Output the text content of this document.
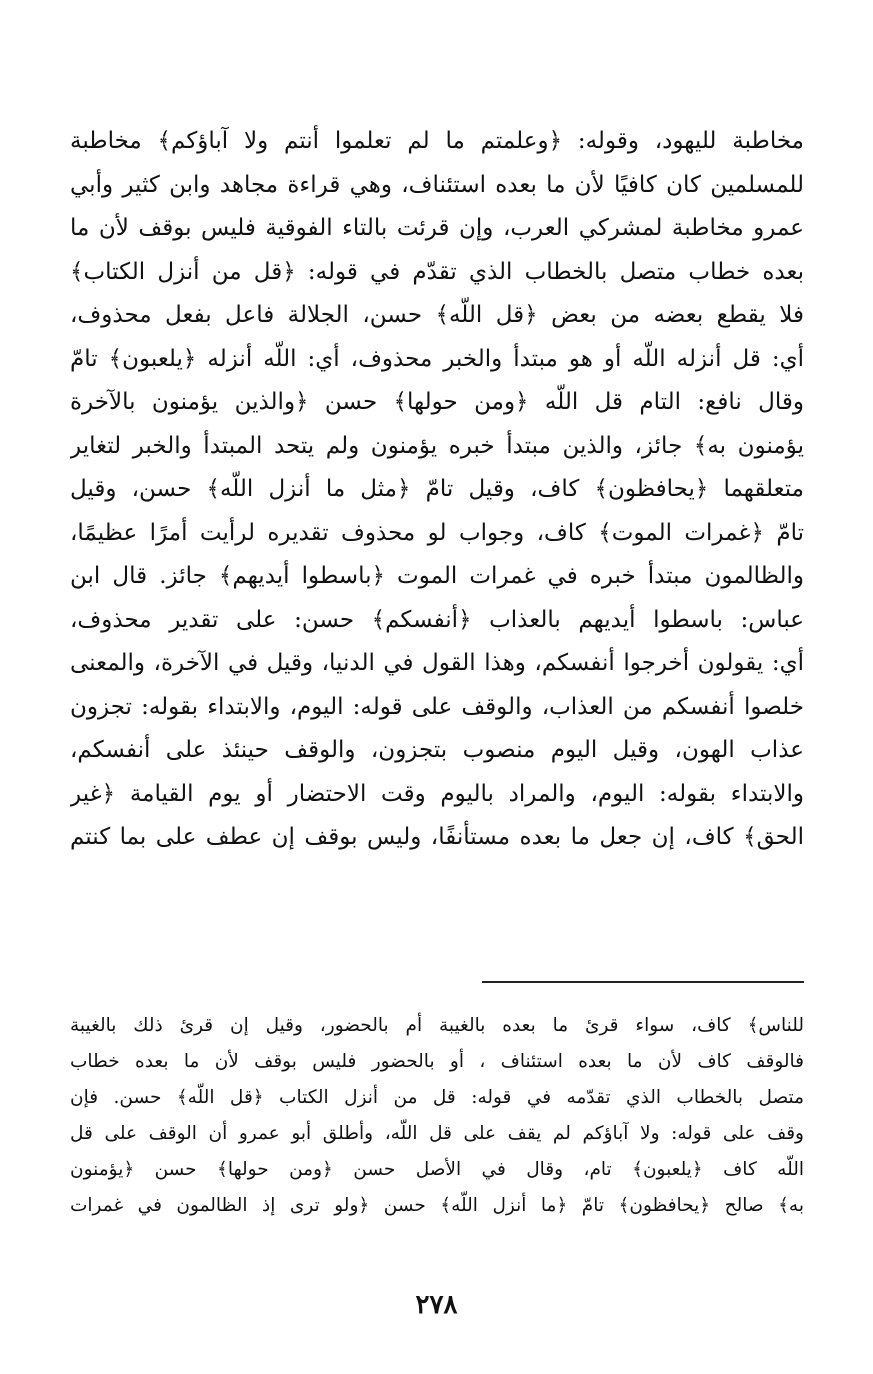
مخاطبة لليهود، وقوله: ﴿وعلمتم ما لم تعلموا أنتم ولا آباؤكم﴾ مخاطبة
للمسلمين كان كافيًا لأن ما بعده استئناف، وهي قراءة مجاهد وابن كثير وأبي
عمرو مخاطبة لمشركي العرب، وإن قرئت بالتاء الفوقية فليس بوقف لأن ما
بعده خطاب متصل بالخطاب الذي تقدّم في قوله: ﴿قل من أنزل الكتاب﴾
فلا يقطع بعضه من بعض ﴿قل اللّه﴾ حسن، الجلالة فاعل بفعل محذوف،
أي: قل أنزله اللّه أو هو مبتدأ والخبر محذوف، أي: اللّه أنزله ﴿يلعبون﴾ تامّ
وقال نافع: التام قل اللّه ﴿ومن حولها﴾ حسن ﴿والذين يؤمنون بالآخرة
يؤمنون به﴾ جائز، والذين مبتدأ خبره يؤمنون ولم يتحد المبتدأ والخبر لتغاير
متعلقهما ﴿يحافظون﴾ كاف، وقيل تامّ ﴿مثل ما أنزل اللّه﴾ حسن، وقيل
تامّ ﴿غمرات الموت﴾ كاف، وجواب لو محذوف تقديره لرأيت أمرًا عظيمًا،
والظالمون مبتدأ خبره في غمرات الموت ﴿باسطوا أيديهم﴾ جائز. قال ابن
عباس: باسطوا أيديهم بالعذاب ﴿أنفسكم﴾ حسن: على تقدير محذوف،
أي: يقولون أخرجوا أنفسكم، وهذا القول في الدنيا، وقيل في الآخرة، والمعنى
خلصوا أنفسكم من العذاب، والوقف على قوله: اليوم، والابتداء بقوله: تجزون
عذاب الهون، وقيل اليوم منصوب بتجزون، والوقف حينئذ على أنفسكم،
والابتداء بقوله: اليوم، والمراد باليوم وقت الاحتضار أو يوم القيامة ﴿غير
الحق﴾ كاف، إن جعل ما بعده مستأنفًا، وليس بوقف إن عطف على بما كنتم
للناس﴾ كاف، سواء قرئ ما بعده بالغيبة أم بالحضور، وقيل إن قرئ ذلك بالغيبة
فالوقف كاف لأن ما بعده استئناف ، أو بالحضور فليس بوقف لأن ما بعده خطاب
متصل بالخطاب الذي تقدّمه في قوله: قل من أنزل الكتاب ﴿قل اللّه﴾ حسن. فإن
وقف على قوله: ولا آباؤكم لم يقف على قل اللّه، وأطلق أبو عمرو أن الوقف على قل
اللّه كاف ﴿يلعبون﴾ تام، وقال في الأصل حسن ﴿ومن حولها﴾ حسن ﴿يؤمنون
به﴾ صالح ﴿يحافظون﴾ تامّ ﴿ما أنزل اللّه﴾ حسن ﴿ولو ترى إذ الظالمون في غمرات
٢٧٨
